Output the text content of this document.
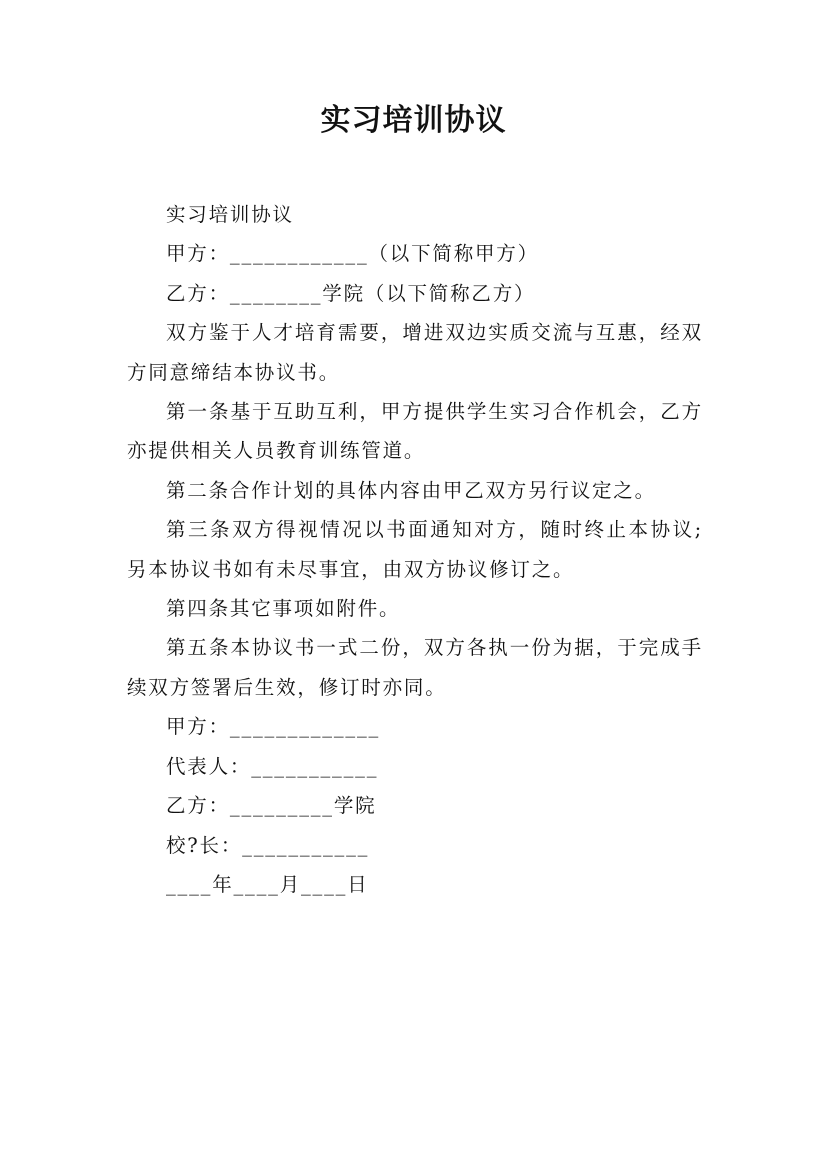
实习培训协议

实习培训协议

甲方：____________（以下简称甲方）

乙方：________学院（以下简称乙方）

双方鉴于人才培育需要，增进双边实质交流与互惠，经双方同意缔结本协议书。

第一条基于互助互利，甲方提供学生实习合作机会，乙方亦提供相关人员教育训练管道。

第二条合作计划的具体内容由甲乙双方另行议定之。

第三条双方得视情况以书面通知对方，随时终止本协议;另本协议书如有未尽事宜，由双方协议修订之。

第四条其它事项如附件。

第五条本协议书一式二份，双方各执一份为据，于完成手续双方签署后生效，修订时亦同。

甲方：_____________

代表人：___________

乙方：_________学院

校?长：___________

____年____月____日
